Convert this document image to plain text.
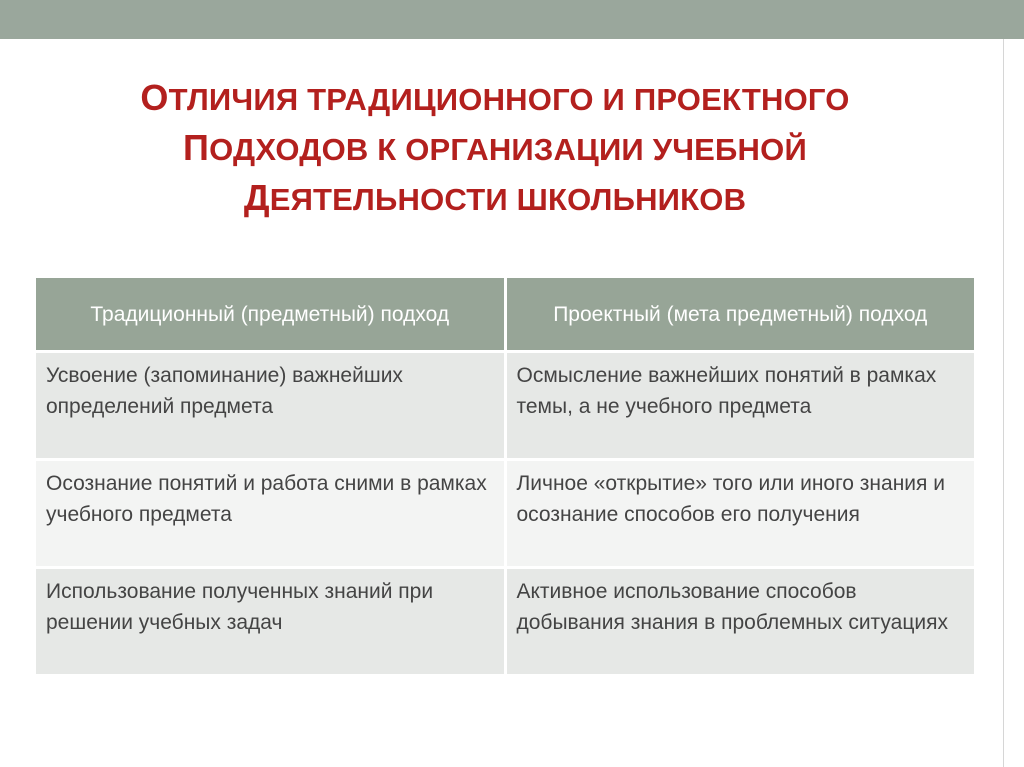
ОТЛИЧИЯ ТРАДИЦИОННОГО И ПРОЕКТНОГО
ПОДХОДОВ К ОРГАНИЗАЦИИ УЧЕБНОЙ
ДЕЯТЕЛЬНОСТИ ШКОЛЬНИКОВ
Традиционный (предметный) подход	Проектный (мета предметный) подход
Усвоение (запоминание) важнейших определений предмета	Осмысление важнейших понятий в рамках темы, а не учебного предмета
Осознание понятий и работа сними в рамках учебного предмета	Личное «открытие» того или иного знания и осознание способов его получения
Использование полученных знаний при решении учебных задач	Активное использование способов добывания знания в проблемных ситуациях
